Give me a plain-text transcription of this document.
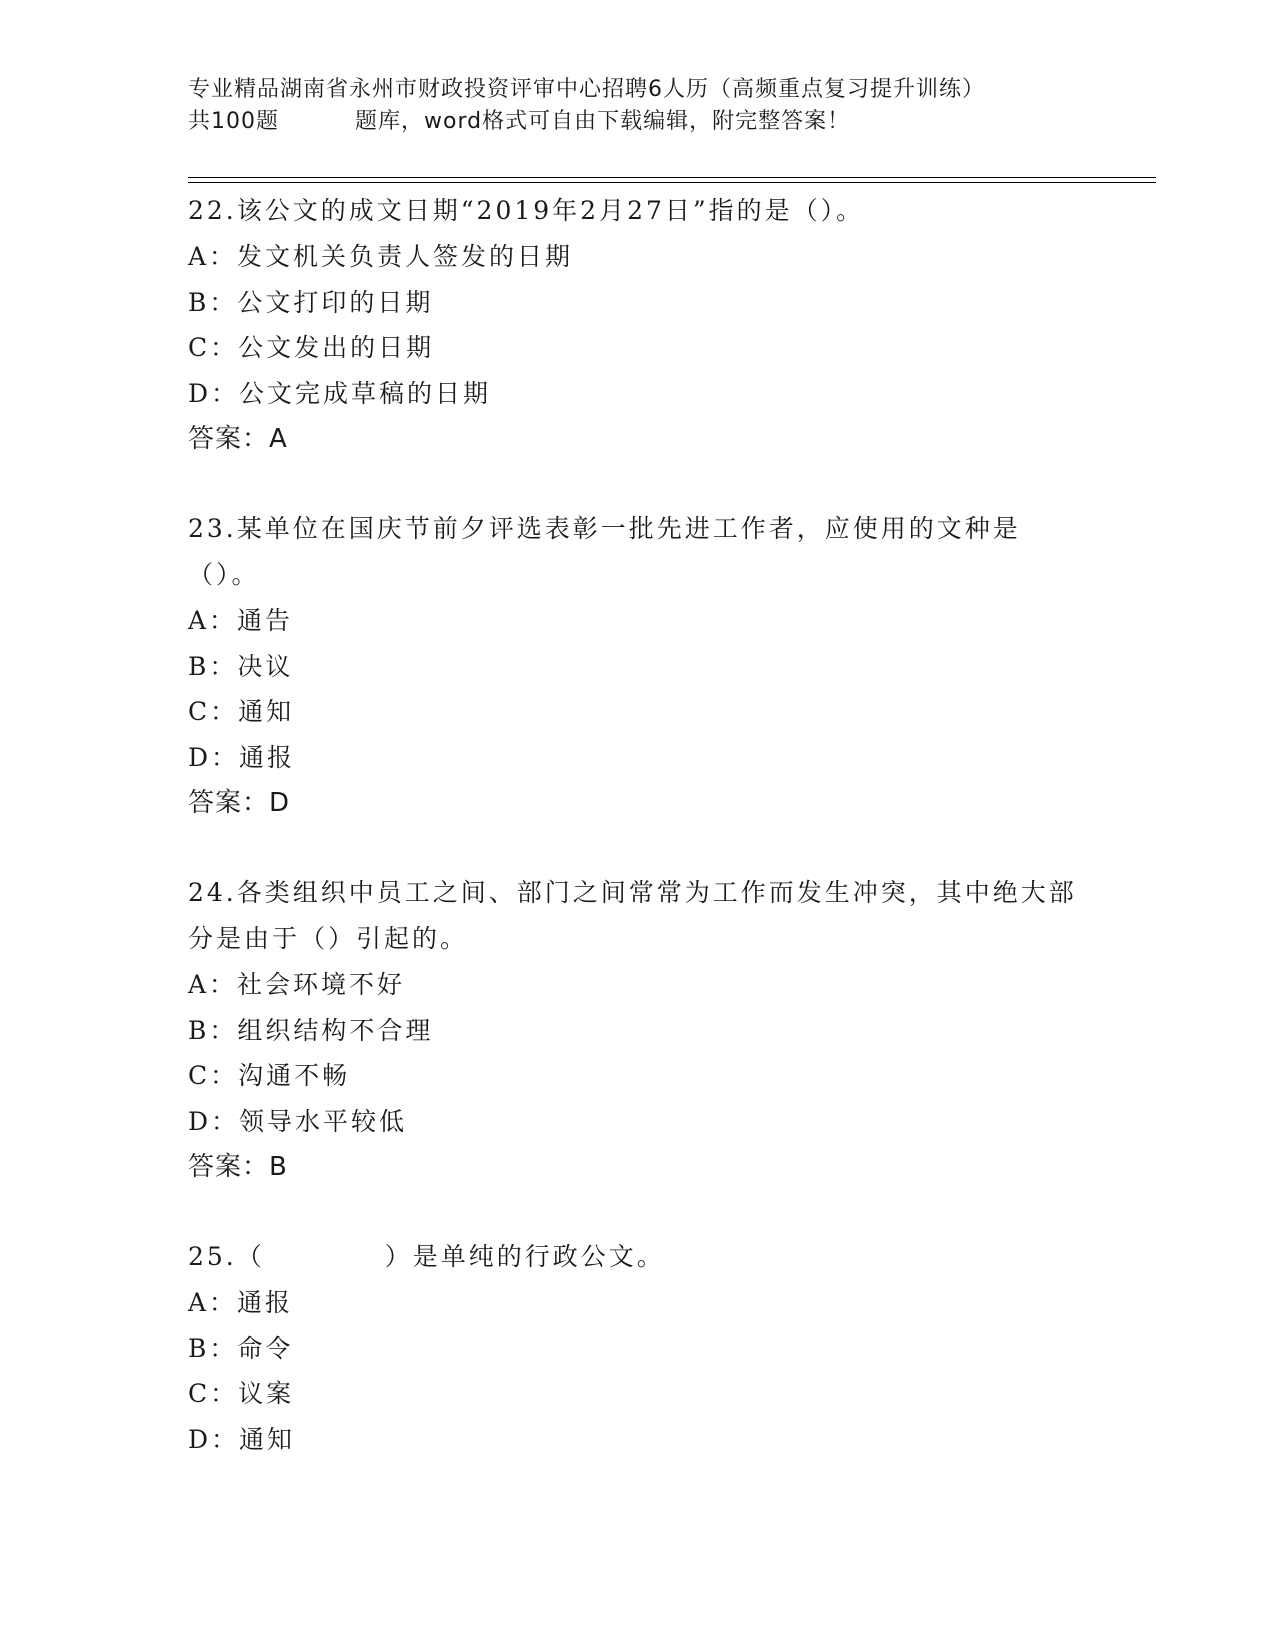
专业精品湖南省永州市财政投资评审中心招聘6人历（高频重点复习提升训练）
共100题	题库，word格式可自由下载编辑，附完整答案！

22.该公文的成文日期“2019年2月27日”指的是（）。

A：发文机关负责人签发的日期
B：公文打印的日期
C：公文发出的日期
D：公文完成草稿的日期
答案：A

23.某单位在国庆节前夕评选表彰一批先进工作者，应使用的文种是（）。

A：通告
B：决议
C：通知
D：通报
答案：D

24.各类组织中员工之间、部门之间常常为工作而发生冲突，其中绝大部分是由于（）引起的。

A：社会环境不好
B：组织结构不合理
C：沟通不畅
D：领导水平较低
答案：B

25.（	）是单纯的行政公文。

A：通报
B：命令
C：议案
D：通知
